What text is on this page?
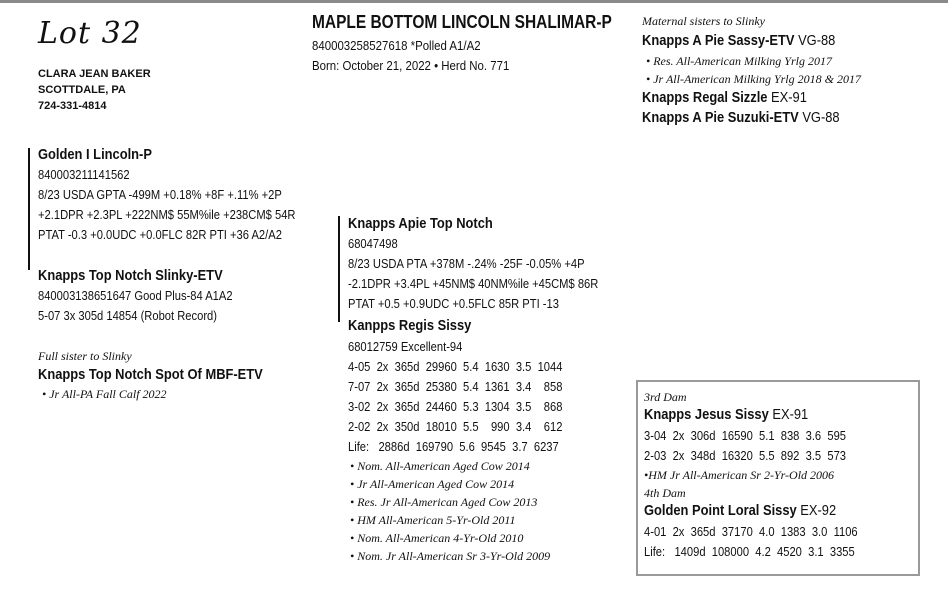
Lot 32
CLARA JEAN BAKER
SCOTTDALE, PA
724-331-4814
MAPLE BOTTOM LINCOLN SHALIMAR-P
840003258527618 *Polled A1/A2
Born: October 21, 2022 • Herd No. 771
Maternal sisters to Slinky
Knapps A Pie Sassy-ETV VG-88
• Res. All-American Milking Yrlg 2017
• Jr All-American Milking Yrlg 2018 & 2017
Knapps Regal Sizzle EX-91
Knapps A Pie Suzuki-ETV VG-88
Golden I Lincoln-P
840003211141562
8/23 USDA GPTA -499M +0.18% +8F +.11% +2P
+2.1DPR +2.3PL +222NM$ 55M%ile +238CM$ 54R
PTAT -0.3 +0.0UDC +0.0FLC 82R PTI +36 A2/A2
Knapps Top Notch Slinky-ETV
840003138651647 Good Plus-84 A1A2
5-07 3x 305d 14854 (Robot Record)
Full sister to Slinky
Knapps Top Notch Spot Of MBF-ETV
• Jr All-PA Fall Calf 2022
Knapps Apie Top Notch
68047498
8/23 USDA PTA +378M -.24% -25F -0.05% +4P
-2.1DPR +3.4PL +45NM$ 40NM%ile +45CM$ 86R
PTAT +0.5 +0.9UDC +0.5FLC 85R PTI -13
Kanpps Regis Sissy
68012759 Excellent-94
4-05  2x  365d  29960  5.4  1630  3.5  1044
7-07  2x  365d  25380  5.4  1361  3.4    858
3-02  2x  365d  24460  5.3  1304  3.5    868
2-02  2x  350d  18010  5.5    990  3.4    612
Life:   2886d  169790  5.6  9545  3.7  6237
• Nom. All-American Aged Cow 2014
• Jr All-American Aged Cow 2014
• Res. Jr All-American Aged Cow 2013
• HM All-American 5-Yr-Old 2011
• Nom. All-American 4-Yr-Old 2010
• Nom. Jr All-American Sr 3-Yr-Old 2009
3rd Dam
Knapps Jesus Sissy EX-91
3-04  2x  306d  16590  5.1  838  3.6  595
2-03  2x  348d  16320  5.5  892  3.5  573
•HM Jr All-American Sr 2-Yr-Old 2006
4th Dam
Golden Point Loral Sissy EX-92
4-01  2x  365d  37170  4.0  1383  3.0  1106
Life:   1409d  108000  4.2  4520  3.1  3355
